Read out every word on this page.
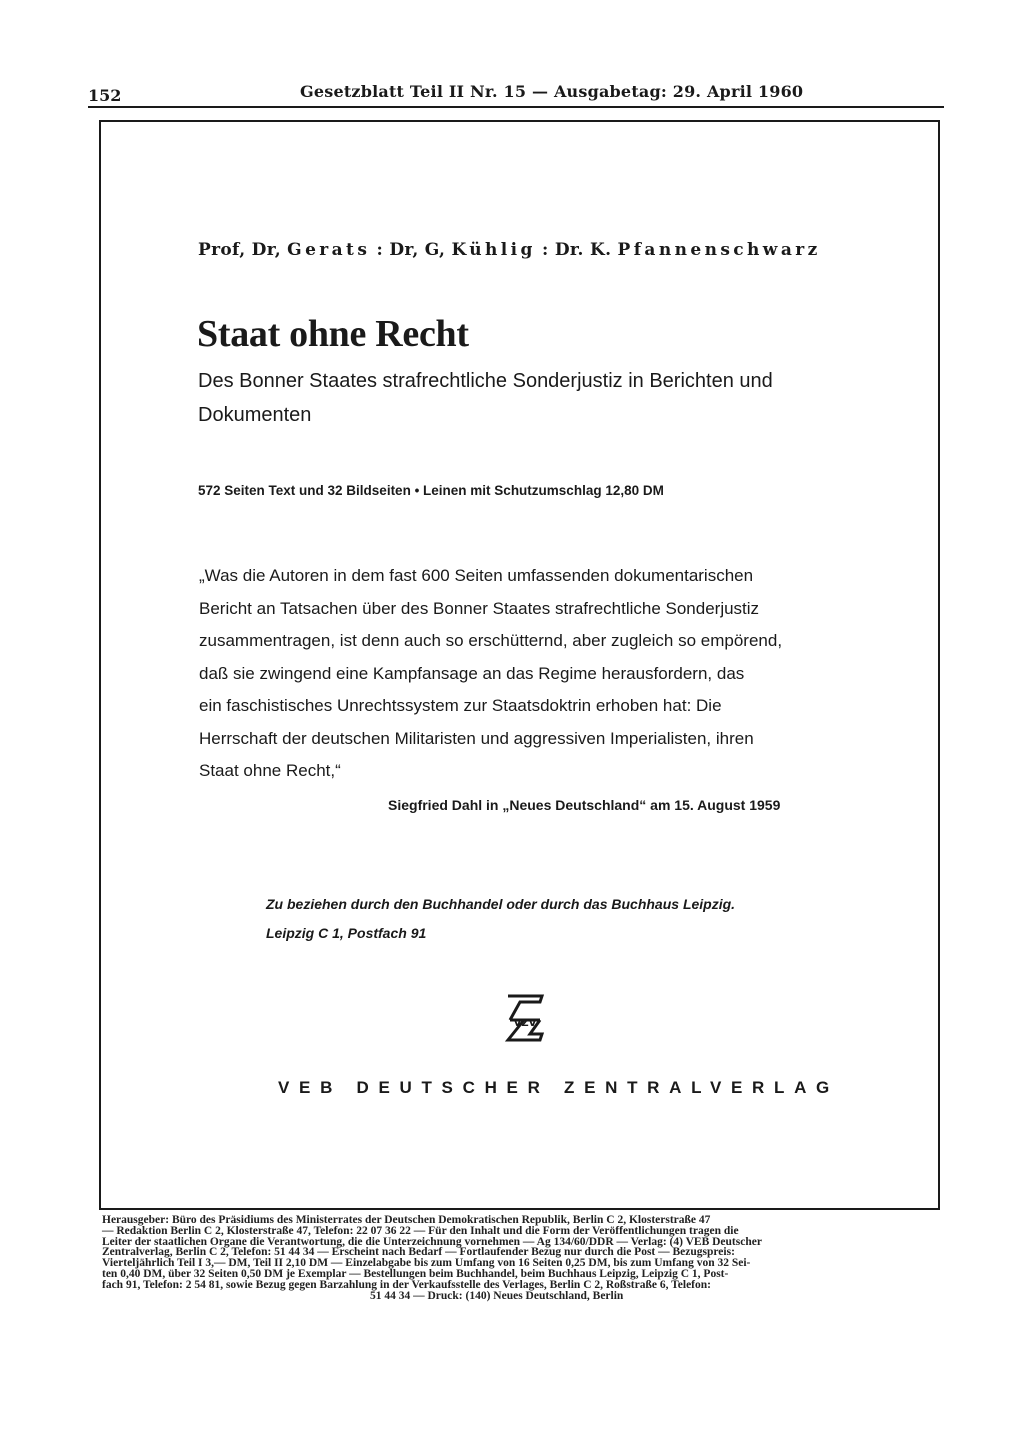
152	Gesetzblatt Teil II Nr. 15 — Ausgabetag: 29. April 1960
Prof, Dr, Gerats : Dr, G, Kühlig : Dr. K. Pfannenschwarz
Staat ohne Recht
Des Bonner Staates strafrechtliche Sonderjustiz in Berichten und
Dokumenten
572 Seiten Text und 32 Bildseiten • Leinen mit Schutzumschlag 12,80 DM
„Was die Autoren in dem fast 600 Seiten umfassenden dokumentarischen
Bericht an Tatsachen über des Bonner Staates strafrechtliche Sonderjustiz
zusammentragen, ist denn auch so erschütternd, aber zugleich so empörend,
daß sie zwingend eine Kampfansage an das Regime herausfordern, das
ein faschistisches Unrechtssystem zur Staatsdoktrin erhoben hat: Die
Herrschaft der deutschen Militaristen und aggressiven Imperialisten, ihren
Staat ohne Recht,“
Siegfried Dahl in „Neues Deutschland“ am 15. August 1959
Zu beziehen durch den Buchhandel oder durch das Buchhaus Leipzig.
Leipzig C 1, Postfach 91
VZV
VEB DEUTSCHER ZENTRALVERLAG
Herausgeber: Büro des Präsidiums des Ministerrates der Deutschen Demokratischen Republik, Berlin C 2, Klosterstraße 47
— Redaktion Berlin C 2, Klosterstraße 47, Telefon: 22 07 36 22 — Für den Inhalt und die Form der Veröffentlichungen tragen die
Leiter der staatlichen Organe die Verantwortung, die die Unterzeichnung vornehmen — Ag 134/60/DDR — Verlag: (4) VEB Deutscher
Zentralverlag, Berlin C 2, Telefon: 51 44 34 — Erscheint nach Bedarf — Fortlaufender Bezug nur durch die Post — Bezugspreis:
Vierteljährlich Teil I 3,— DM, Teil II 2,10 DM — Einzelabgabe bis zum Umfang von 16 Seiten 0,25 DM, bis zum Umfang von 32 Sei-
ten 0,40 DM, über 32 Seiten 0,50 DM je Exemplar — Bestellungen beim Buchhandel, beim Buchhaus Leipzig, Leipzig C 1, Post-
fach 91, Telefon: 2 54 81, sowie Bezug gegen Barzahlung in der Verkaufsstelle des Verlages, Berlin C 2, Roßstraße 6, Telefon:
51 44 34 — Druck: (140) Neues Deutschland, Berlin
